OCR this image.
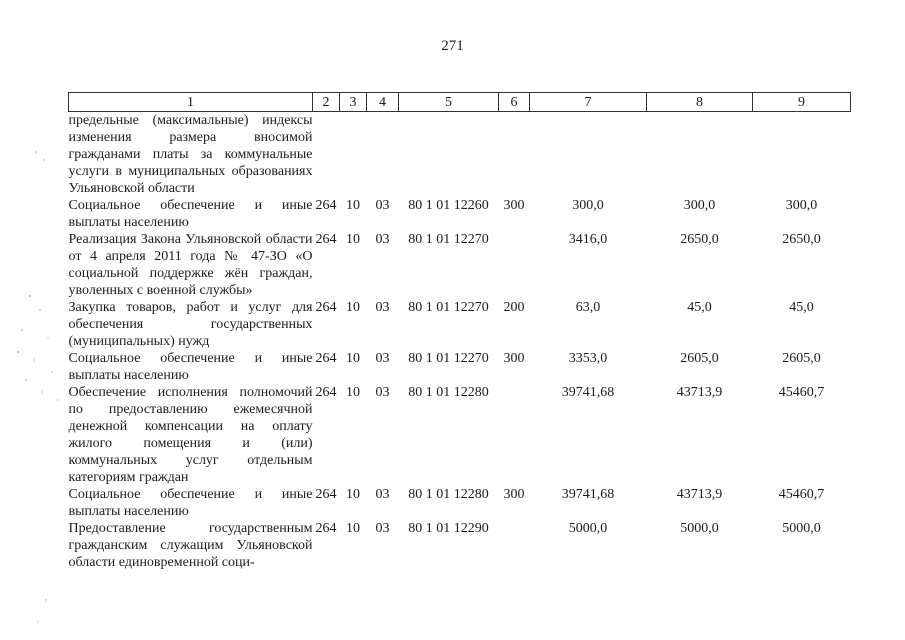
271
1	2	3	4	5	6	7	8	9
предельные (максимальные) индексы изменения размера вносимой гражданами платы за коммунальные услуги в муниципальных образованиях Ульяновской области								
Социальное обеспечение и иные выплаты населению	264	10	03	80 1 01 12260	300	300,0	300,0	300,0
Реализация Закона Ульяновской области от 4 апреля 2011 года № 47-ЗО «О социальной поддержке жён граждан, уволенных с военной службы»	264	10	03	80 1 01 12270		3416,0	2650,0	2650,0
Закупка товаров, работ и услуг для обеспечения государственных (муниципальных) нужд	264	10	03	80 1 01 12270	200	63,0	45,0	45,0
Социальное обеспечение и иные выплаты населению	264	10	03	80 1 01 12270	300	3353,0	2605,0	2605,0
Обеспечение исполнения полномочий по предоставлению ежемесячной денежной компенсации на оплату жилого помещения и (или) коммунальных услуг отдельным категориям граждан	264	10	03	80 1 01 12280		39741,68	43713,9	45460,7
Социальное обеспечение и иные выплаты населению	264	10	03	80 1 01 12280	300	39741,68	43713,9	45460,7
Предоставление государственным гражданским служащим Ульяновской области единовременной соци-	264	10	03	80 1 01 12290		5000,0	5000,0	5000,0
